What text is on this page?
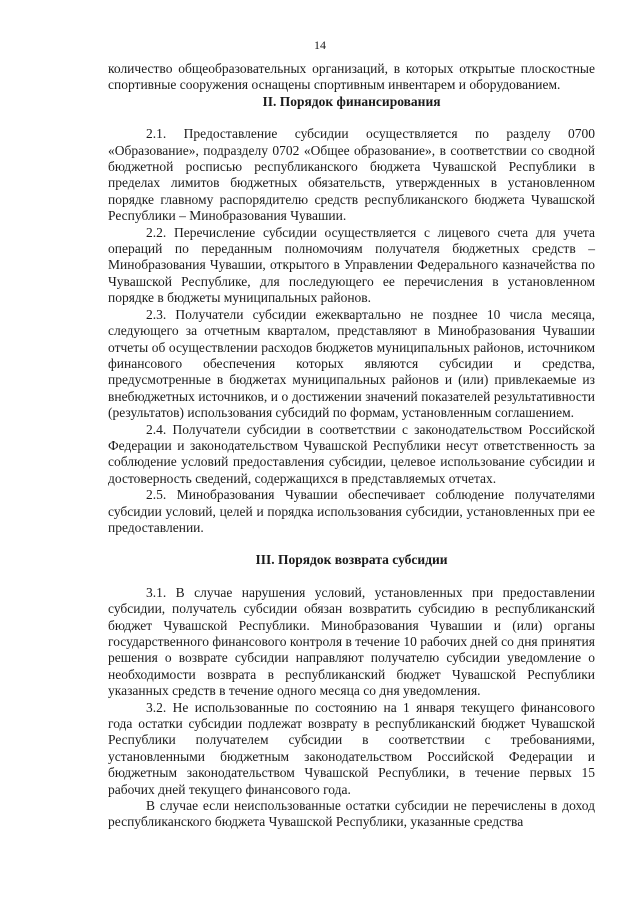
14

количество общеобразовательных организаций, в которых открытые плоскостные спортивные сооружения оснащены спортивным инвентарем и оборудованием.

II. Порядок финансирования

2.1. Предоставление субсидии осуществляется по разделу 0700 «Образование», подразделу 0702 «Общее образование», в соответствии со сводной бюджетной росписью республиканского бюджета Чувашской Республики в пределах лимитов бюджетных обязательств, утвержденных в установленном порядке главному распорядителю средств республиканского бюджета Чувашской Республики – Минобразования Чувашии.

2.2. Перечисление субсидии осуществляется с лицевого счета для учета операций по переданным полномочиям получателя бюджетных средств – Минобразования Чувашии, открытого в Управлении Федерального казначейства по Чувашской Республике, для последующего ее перечисления в установленном порядке в бюджеты муниципальных районов.

2.3. Получатели субсидии ежеквартально не позднее 10 числа месяца, следующего за отчетным кварталом, представляют в Минобразования Чувашии отчеты об осуществлении расходов бюджетов муниципальных районов, источником финансового обеспечения которых являются субсидии и средства, предусмотренные в бюджетах муниципальных районов и (или) привлекаемые из внебюджетных источников, и о достижении значений показателей результативности (результатов) использования субсидий по формам, установленным соглашением.

2.4. Получатели субсидии в соответствии с законодательством Российской Федерации и законодательством Чувашской Республики несут ответственность за соблюдение условий предоставления субсидии, целевое использование субсидии и достоверность сведений, содержащихся в представляемых отчетах.

2.5. Минобразования Чувашии обеспечивает соблюдение получателями субсидии условий, целей и порядка использования субсидии, установленных при ее предоставлении.

III. Порядок возврата субсидии

3.1. В случае нарушения условий, установленных при предоставлении субсидии, получатель субсидии обязан возвратить субсидию в республиканский бюджет Чувашской Республики. Минобразования Чувашии и (или) органы государственного финансового контроля в течение 10 рабочих дней со дня принятия решения о возврате субсидии направляют получателю субсидии уведомление о необходимости возврата в республиканский бюджет Чувашской Республики указанных средств в течение одного месяца со дня уведомления.

3.2. Не использованные по состоянию на 1 января текущего финансового года остатки субсидии подлежат возврату в республиканский бюджет Чувашской Республики получателем субсидии в соответствии с требованиями, установленными бюджетным законодательством Российской Федерации и бюджетным законодательством Чувашской Республики, в течение первых 15 рабочих дней текущего финансового года.

В случае если неиспользованные остатки субсидии не перечислены в доход республиканского бюджета Чувашской Республики, указанные средства
